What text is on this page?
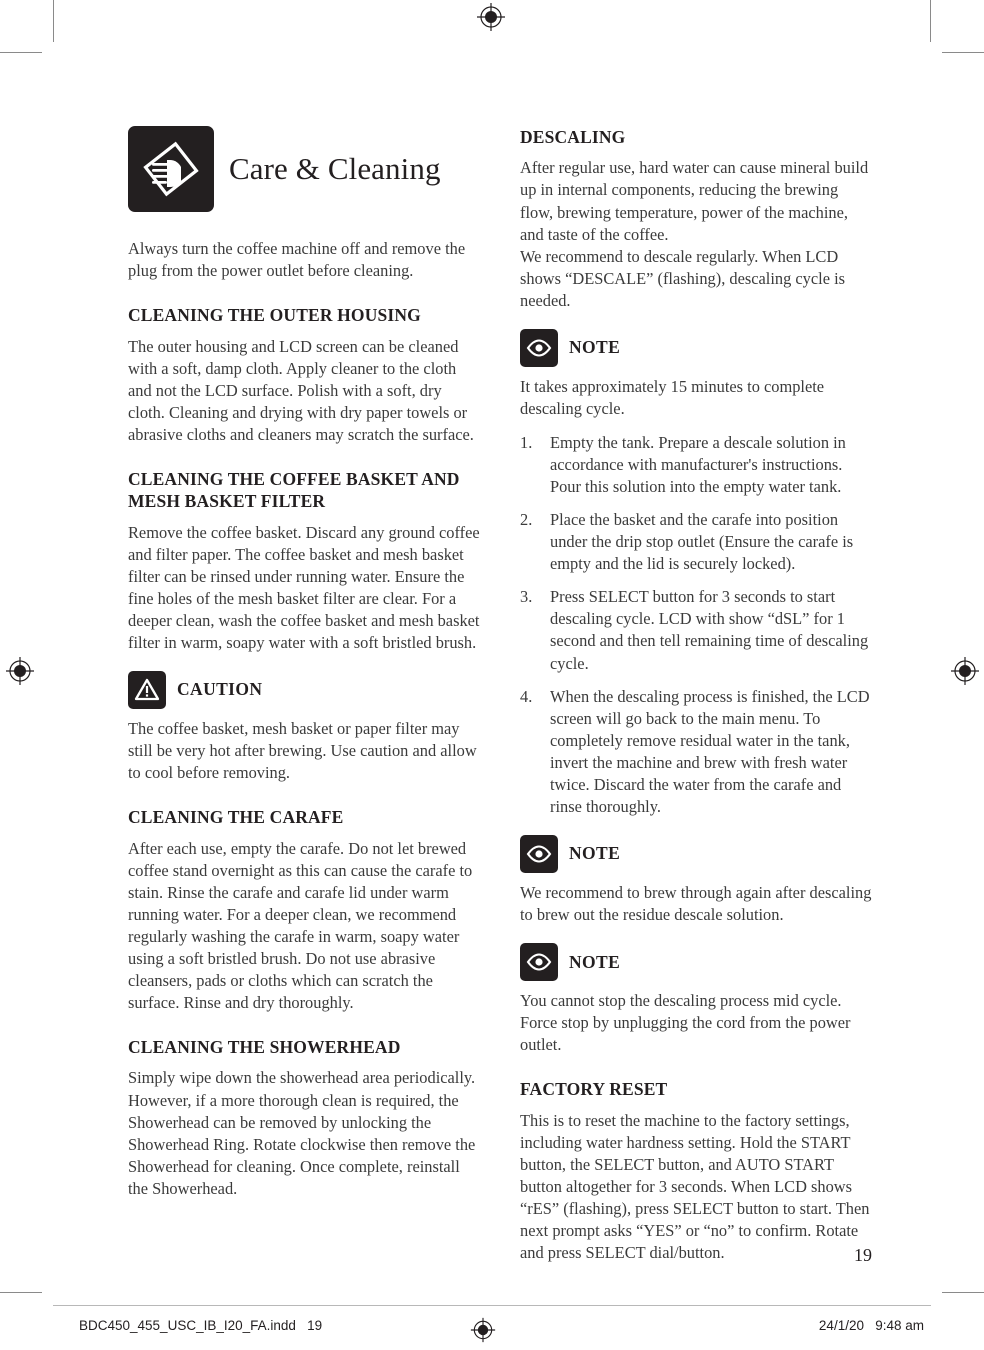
Care & Cleaning

Always turn the coffee machine off and remove the plug from the power outlet before cleaning.

CLEANING THE OUTER HOUSING

The outer housing and LCD screen can be cleaned with a soft, damp cloth. Apply cleaner to the cloth and not the LCD surface. Polish with a soft, dry cloth. Cleaning and drying with dry paper towels or abrasive cloths and cleaners may scratch the surface.

CLEANING THE COFFEE BASKET AND MESH BASKET FILTER

Remove the coffee basket. Discard any ground coffee and filter paper. The coffee basket and mesh basket filter can be rinsed under running water. Ensure the fine holes of the mesh basket filter are clear. For a deeper clean, wash the coffee basket and mesh basket filter in warm, soapy water with a soft bristled brush.

CAUTION

The coffee basket, mesh basket or paper filter may still be very hot after brewing. Use caution and allow to cool before removing.

CLEANING THE CARAFE

After each use, empty the carafe. Do not let brewed coffee stand overnight as this can cause the carafe to stain. Rinse the carafe and carafe lid under warm running water. For a deeper clean, we recommend regularly washing the carafe in warm, soapy water using a soft bristled brush. Do not use abrasive cleansers, pads or cloths which can scratch the surface. Rinse and dry thoroughly.

CLEANING THE SHOWERHEAD

Simply wipe down the showerhead area periodically. However, if a more thorough clean is required, the Showerhead can be removed by unlocking the Showerhead Ring. Rotate clockwise then remove the Showerhead for cleaning. Once complete, reinstall the Showerhead.

DESCALING

After regular use, hard water can cause mineral build up in internal components, reducing the brewing flow, brewing temperature, power of the machine, and taste of the coffee.

We recommend to descale regularly. When LCD shows “DESCALE” (flashing), descaling cycle is needed.

NOTE

It takes approximately 15 minutes to complete descaling cycle.

1.	Empty the tank. Prepare a descale solution in accordance with manufacturer's instructions. Pour this solution into the empty water tank.
2.	Place the basket and the carafe into position under the drip stop outlet (Ensure the carafe is empty and the lid is securely locked).
3.	Press SELECT button for 3 seconds to start descaling cycle. LCD with show “dSL” for 1 second and then tell remaining time of descaling cycle.
4.	When the descaling process is finished, the LCD screen will go back to the main menu. To completely remove residual water in the tank, invert the machine and brew with fresh water twice. Discard the water from the carafe and rinse thoroughly.
NOTE

We recommend to brew through again after descaling to brew out the residue descale solution.

NOTE

You cannot stop the descaling process mid cycle. Force stop by unplugging the cord from the power outlet.

FACTORY RESET

This is to reset the machine to the factory settings, including water hardness setting. Hold the START button, the SELECT button, and AUTO START button altogether for 3 seconds. When LCD shows “rES” (flashing), press SELECT button to start. Then next prompt asks “YES” or “no” to confirm. Rotate and press SELECT dial/button.	19
BDC450_455_USC_IB_I20_FA.indd   19	24/1/20   9:48 am
